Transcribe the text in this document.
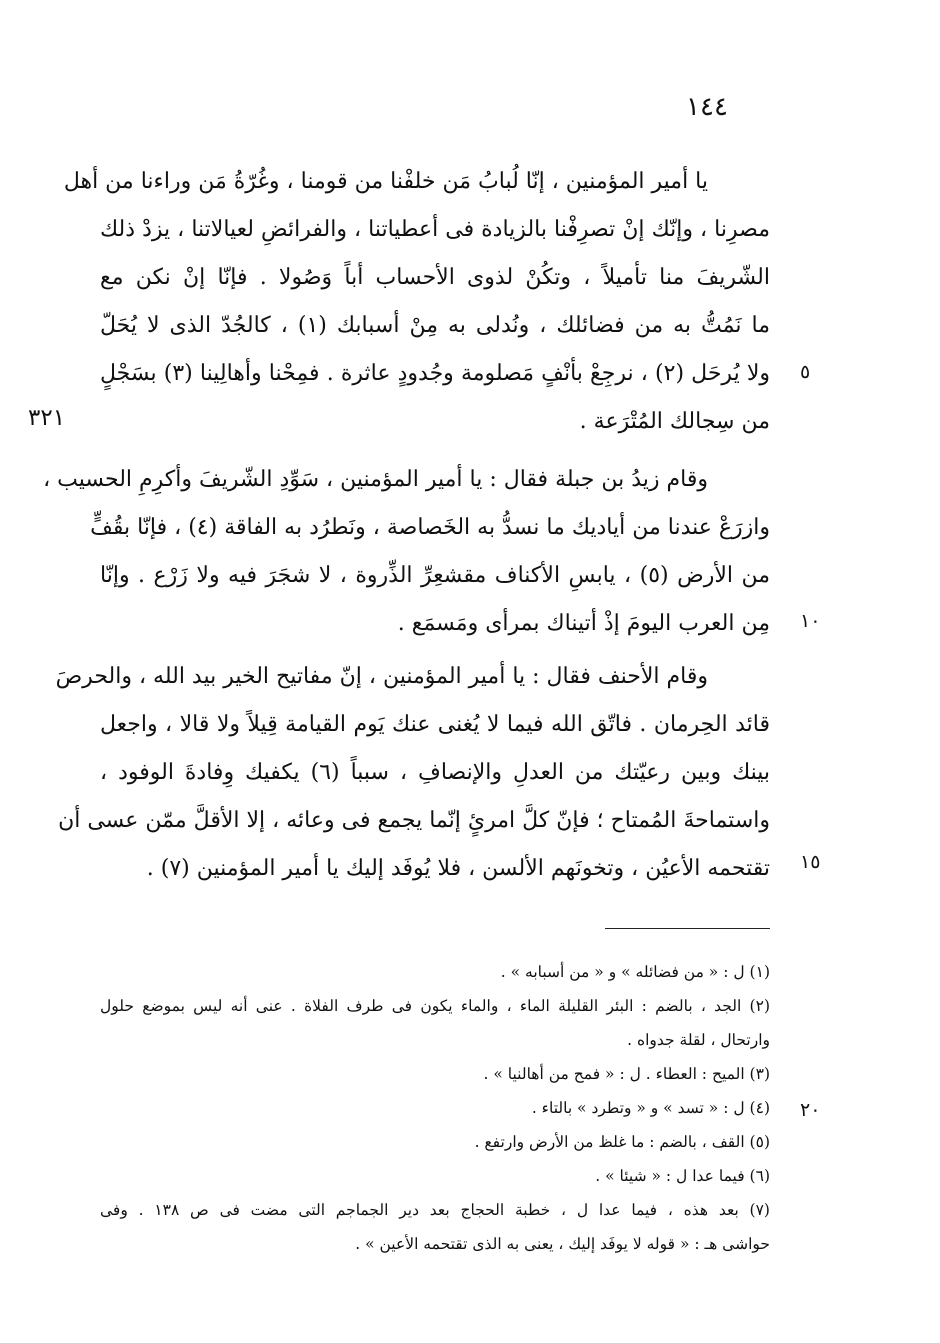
١٤٤
٣٢١
٥
١٠
١٥
٢٠
يا أمير المؤمنين ، إنّا لُبابُ مَن خلفْنا من قومنا ، وغُرّةُ مَن وراءنا من أهل
مصرِنا ، وإنّك إنْ تصرِفْنا بالزيادة فى أعطياتنا ، والفرائضِ لعيالاتنا ، يزدْ ذلك
الشّريفَ منا تأميلاً ، وتكُنْ لذوى الأحساب أباً وَصُولا . فإنّا إنْ نكن مع
ما نَمُتُّ به من فضائلك ، ونُدلى به مِنْ أسبابك (١) ، كالجُدّ الذى لا يُحَلّ
ولا يُرحَل (٢) ، نرجِعْ بأنْفٍ مَصلومة وجُدودٍ عاثرة . فمِحْنا وأهالِينا (٣) بسَجْلٍ
من سِجالك المُتْرَعة .
وقام زيدُ بن جبلة فقال : يا أمير المؤمنين ، سَوِّدِ الشّريفَ وأكرِمِ الحسيب ،
وازرَعْ عندنا من أياديك ما نسدُّ به الخَصاصة ، ونَطرُد به الفاقة (٤) ، فإنّا بقُفٍّ
من الأرض (٥) ، يابسِ الأكناف مقشعِرِّ الذِّروة ، لا شجَرَ فيه ولا زَرْع . وإنّا
مِن العرب اليومَ إذْ أتيناك بمرأى ومَسمَع .
وقام الأحنف فقال : يا أمير المؤمنين ، إنّ مفاتيح الخير بيد الله ، والحرصَ
قائد الحِرمان . فاتّق الله فيما لا يُغنى عنك يَوم القيامة قِيلاً ولا قالا ، واجعل
بينك وبين رعيّتك من العدلِ والإنصافِ ، سبباً (٦) يكفيك وِفادةَ الوفود ،
واستماحةَ المُمتاح ؛ فإنّ كلَّ امرئٍ إنّما يجمع فى وعائه ، إلا الأقلَّ ممّن عسى أن
تقتحمه الأعيُن ، وتخونَهم الألسن ، فلا يُوفَد إليك يا أمير المؤمنين (٧) .
(١) ل : « من فضائله » و « من أسبابه » .
(٢) الجد ، بالضم : البئر القليلة الماء ، والماء يكون فى طرف الفلاة . عنى أنه ليس بموضع حلول
وارتحال ، لقلة جدواه .
(٣) الميح : العطاء . ل : « فمح من أهالنيا » .
(٤) ل : « تسد » و « وتطرد » بالتاء .
(٥) القف ، بالضم : ما غلظ من الأرض وارتفع .
(٦) فيما عدا ل : « شيئا » .
(٧) بعد هذه ، فيما عدا ل ، خطبة الحجاج بعد دير الجماجم التى مضت فى ص ١٣٨ . وفى
حواشى هـ : « قوله لا يوفَد إليك ، يعنى به الذى تقتحمه الأعين » .
